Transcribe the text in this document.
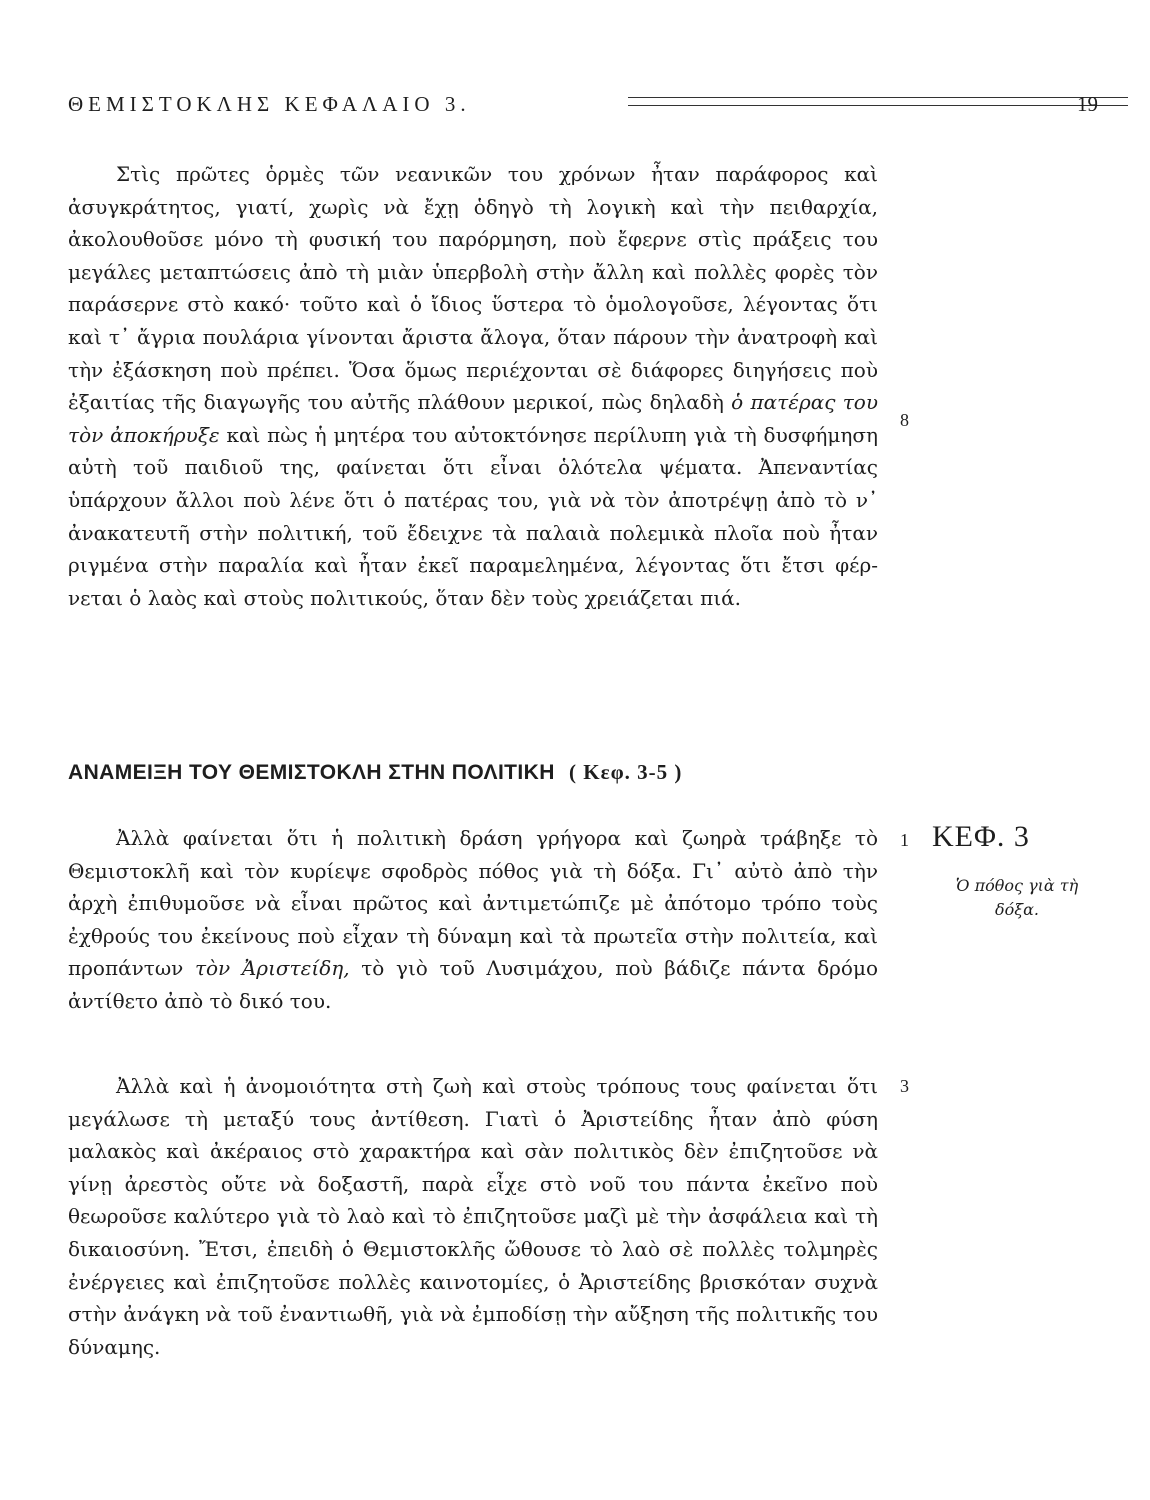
ΘΕΜΙΣΤΟΚΛΗΣ ΚΕΦΑΛΑΙΟ 3.	19

Στὶς πρῶτες ὁρμὲς τῶν νεανικῶν του χρόνων ἦταν παράφορος καὶ ἀσυγκράτητος, γιατί, χωρὶς νὰ ἔχῃ ὁδηγὸ τὴ λογικὴ καὶ τὴν πειθαρχία, ἀκολουθοῦσε μόνο τὴ φυσική του παρόρμηση, ποὺ ἔφερνε στὶς πράξεις του μεγάλες μεταπτώσεις ἀπὸ τὴ μιὰν ὑπερβολὴ στὴν ἄλλη καὶ πολλὲς φορὲς τὸν παράσερνε στὸ κακό· τοῦτο καὶ ὁ ἴδιος ὕστερα τὸ ὁμολογοῦσε, λέγοντας ὅτι καὶ τ᾿ ἄγρια πουλάρια γίνονται ἄριστα ἄλογα, ὅταν πάρουν τὴν ἀνατροφὴ καὶ τὴν ἐξάσκηση ποὺ πρέπει. Ὅσα ὅμως περιέχονται σὲ διάφορες διηγήσεις ποὺ ἐξαιτίας τῆς διαγωγῆς του αὐτῆς πλάθουν μερικοί, πὼς δηλαδὴ ὁ πατέρας του τὸν ἀποκήρυξε καὶ πὼς ἡ μητέρα του αὐτοκτόνησε περίλυπη γιὰ τὴ δυσφήμηση αὐτὴ τοῦ παιδιοῦ της, φαίνεται ὅτι εἶναι ὁλότελα ψέματα. Ἀπεναντίας ὑπάρχουν ἄλλοι ποὺ λένε ὅτι ὁ πατέρας του, γιὰ νὰ τὸν ἀποτρέψῃ ἀπὸ τὸ ν᾿ ἀνακατευτῆ στὴν πολιτική, τοῦ ἔδειχνε τὰ παλαιὰ πολεμικὰ πλοῖα ποὺ ἦταν ριγμένα στὴν παραλία καὶ ἦταν ἐκεῖ παραμελημένα, λέγοντας ὅτι ἔτσι φέρνεται ὁ λαὸς καὶ στοὺς πολιτικούς, ὅταν δὲν τοὺς χρειάζεται πιά.

8
ΑΝΑΜΕΙΞΗ ΤΟΥ ΘΕΜΙΣΤΟΚΛΗ ΣΤΗΝ ΠΟΛΙΤΙΚΗ ( Κεφ. 3-5 )

Ἀλλὰ φαίνεται ὅτι ἡ πολιτικὴ δράση γρήγορα καὶ ζωηρὰ τράβηξε τὸ Θεμιστοκλῆ καὶ τὸν κυρίεψε σφοδρὸς πόθος γιὰ τὴ δόξα. Γι᾿ αὐτὸ ἀπὸ τὴν ἀρχὴ ἐπιθυμοῦσε νὰ εἶναι πρῶτος καὶ ἀντιμετώπιζε μὲ ἀπότομο τρόπο τοὺς ἐχθρούς του ἐκείνους ποὺ εἶχαν τὴ δύναμη καὶ τὰ πρωτεῖα στὴν πολιτεία, καὶ προπάντων τὸν Ἀριστείδη, τὸ γιὸ τοῦ Λυσιμάχου, ποὺ βάδιζε πάντα δρόμο ἀντίθετο ἀπὸ τὸ δικό του.

1 ΚΕΦ. 3
Ὁ πόθος γιὰ τὴ δόξα.

Ἀλλὰ καὶ ἡ ἀνομοιότητα στὴ ζωὴ καὶ στοὺς τρόπους τους φαίνεται ὅτι μεγάλωσε τὴ μεταξύ τους ἀντίθεση. Γιατὶ ὁ Ἀριστείδης ἦταν ἀπὸ φύση μαλακὸς καὶ ἀκέραιος στὸ χαρακτήρα καὶ σὰν πολιτικὸς δὲν ἐπιζητοῦσε νὰ γίνῃ ἀρεστὸς οὔτε νὰ δοξαστῆ, παρὰ εἶχε στὸ νοῦ του πάντα ἐκεῖνο ποὺ θεωροῦσε καλύτερο γιὰ τὸ λαὸ καὶ τὸ ἐπιζητοῦσε μαζὶ μὲ τὴν ἀσφάλεια καὶ τὴ δικαιοσύνη. Ἔτσι, ἐπειδὴ ὁ Θεμιστοκλῆς ὤθουσε τὸ λαὸ σὲ πολλὲς τολμηρὲς ἐνέργειες καὶ ἐπιζητοῦσε πολλὲς καινοτομίες, ὁ Ἀριστείδης βρισκόταν συχνὰ στὴν ἀνάγκη νὰ τοῦ ἐναντιωθῆ, γιὰ νὰ ἐμποδίσῃ τὴν αὔξηση τῆς πολιτικῆς του δύναμης.

3
